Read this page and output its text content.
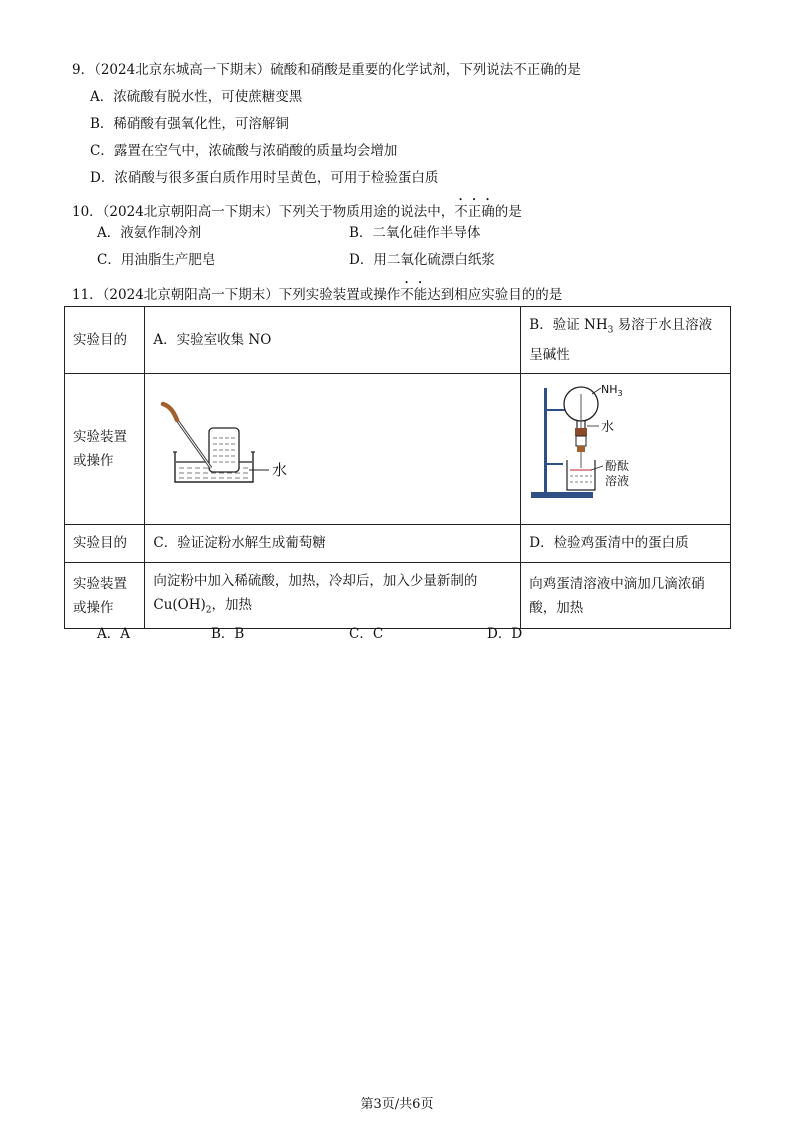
9．（2024北京东城高一下期末）硫酸和硝酸是重要的化学试剂，下列说法不正确的是
A．浓硫酸有脱水性，可使蔗糖变黑
B．稀硝酸有强氧化性，可溶解铜
C．露置在空气中，浓硫酸与浓硝酸的质量均会增加
D．浓硝酸与很多蛋白质作用时呈黄色，可用于检验蛋白质
10．（2024北京朝阳高一下期末）下列关于物质用途的说法中，不正确的是
A．液氨作制冷剂	B．二氧化硅作半导体
C．用油脂生产肥皂	D．用二氧化硫漂白纸浆
11．（2024北京朝阳高一下期末）下列实验装置或操作不能达到相应实验目的的是
实验目的	A．实验室收集 NO	B．验证 $NH_3$ 易溶于水且溶液呈碱性
实验装置或操作	水	$NH_3$
水
酚酞
溶液

实验目的	C．验证淀粉水解生成葡萄糖	D．检验鸡蛋清中的蛋白质
实验装置或操作	向淀粉中加入稀硫酸，加热，冷却后，加入少量新制的 $Cu(OH)_2$，加热	向鸡蛋清溶液中滴加几滴浓硝酸，加热
A．A	B．B	C．C	D．D
第3页/共6页
